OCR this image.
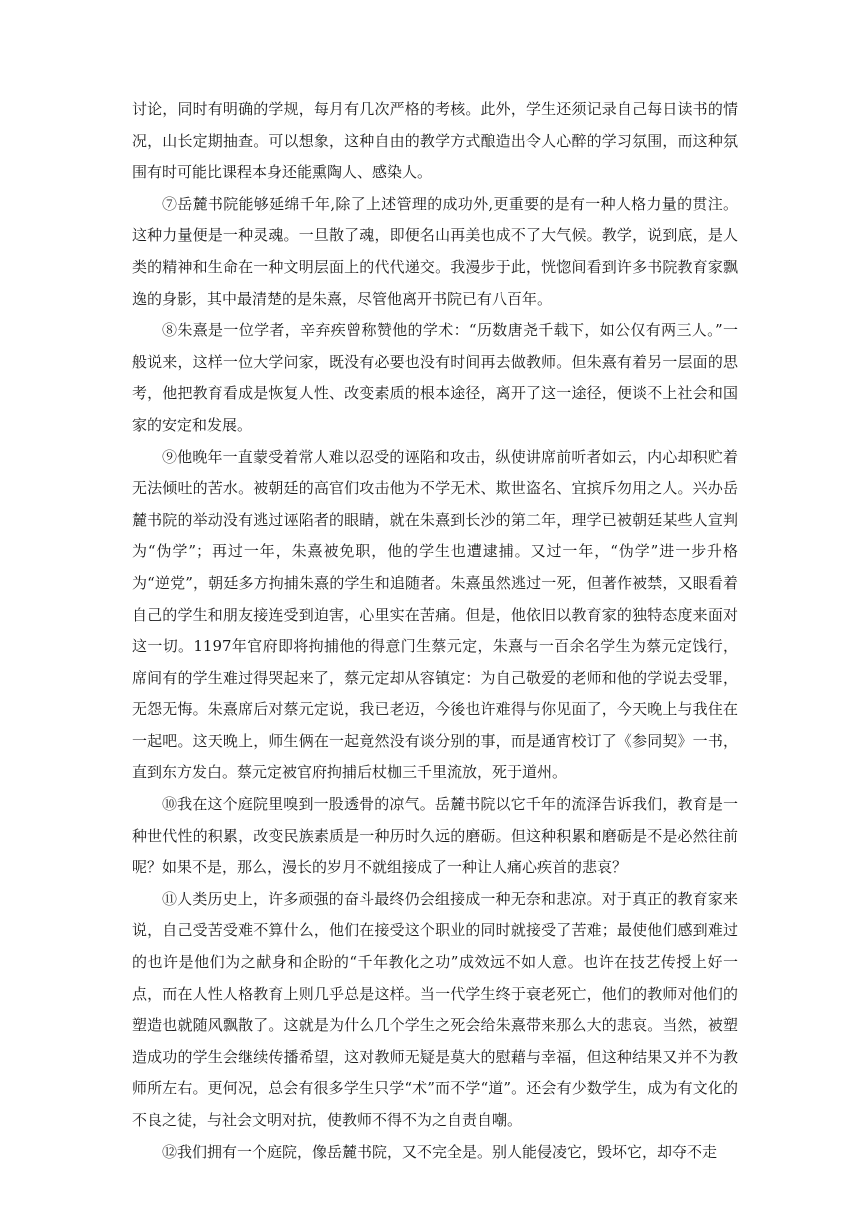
讨论，同时有明确的学规，每月有几次严格的考核。此外，学生还须记录自己每日读书的情况，山长定期抽查。可以想象，这种自由的教学方式酿造出令人心醉的学习氛围，而这种氛围有时可能比课程本身还能熏陶人、感染人。

⑦岳麓书院能够延绵千年,除了上述管理的成功外,更重要的是有一种人格力量的贯注。这种力量便是一种灵魂。一旦散了魂，即便名山再美也成不了大气候。教学，说到底，是人类的精神和生命在一种文明层面上的代代递交。我漫步于此，恍惚间看到许多书院教育家飘逸的身影，其中最清楚的是朱熹，尽管他离开书院已有八百年。

⑧朱熹是一位学者，辛弃疾曾称赞他的学术：“历数唐尧千载下，如公仅有两三人。”一般说来，这样一位大学问家，既没有必要也没有时间再去做教师。但朱熹有着另一层面的思考，他把教育看成是恢复人性、改变素质的根本途径，离开了这一途径，便谈不上社会和国家的安定和发展。

⑨他晚年一直蒙受着常人难以忍受的诬陷和攻击，纵使讲席前听者如云，内心却积贮着无法倾吐的苦水。被朝廷的高官们攻击他为不学无术、欺世盗名、宜摈斥勿用之人。兴办岳麓书院的举动没有逃过诬陷者的眼睛，就在朱熹到长沙的第二年，理学已被朝廷某些人宣判为“伪学”；再过一年，朱熹被免职，他的学生也遭逮捕。又过一年，“伪学”进一步升格为“逆党”，朝廷多方拘捕朱熹的学生和追随者。朱熹虽然逃过一死，但著作被禁，又眼看着自己的学生和朋友接连受到迫害，心里实在苦痛。但是，他依旧以教育家的独特态度来面对这一切。1197年官府即将拘捕他的得意门生蔡元定，朱熹与一百余名学生为蔡元定饯行，席间有的学生难过得哭起来了，蔡元定却从容镇定：为自己敬爱的老师和他的学说去受罪，无怨无悔。朱熹席后对蔡元定说，我已老迈，今後也许难得与你见面了，今天晚上与我住在一起吧。这天晚上，师生俩在一起竟然没有谈分别的事，而是通宵校订了《参同契》一书，直到东方发白。蔡元定被官府拘捕后杖枷三千里流放，死于道州。

⑩我在这个庭院里嗅到一股透骨的凉气。岳麓书院以它千年的流泽告诉我们，教育是一种世代性的积累，改变民族素质是一种历时久远的磨砺。但这种积累和磨砺是不是必然往前呢？如果不是，那么，漫长的岁月不就组接成了一种让人痛心疾首的悲哀？

⑪人类历史上，许多顽强的奋斗最终仍会组接成一种无奈和悲凉。对于真正的教育家来说，自己受苦受难不算什么，他们在接受这个职业的同时就接受了苦难；最使他们感到难过的也许是他们为之献身和企盼的“千年教化之功”成效远不如人意。也许在技艺传授上好一点，而在人性人格教育上则几乎总是这样。当一代学生终于衰老死亡，他们的教师对他们的塑造也就随风飘散了。这就是为什么几个学生之死会给朱熹带来那么大的悲哀。当然，被塑造成功的学生会继续传播希望，这对教师无疑是莫大的慰藉与幸福，但这种结果又并不为教师所左右。更何况，总会有很多学生只学“术”而不学“道”。还会有少数学生，成为有文化的不良之徒，与社会文明对抗，使教师不得不为之自责自嘲。

⑫我们拥有一个庭院，像岳麓书院，又不完全是。别人能侵凌它，毁坏它，却夺不走
